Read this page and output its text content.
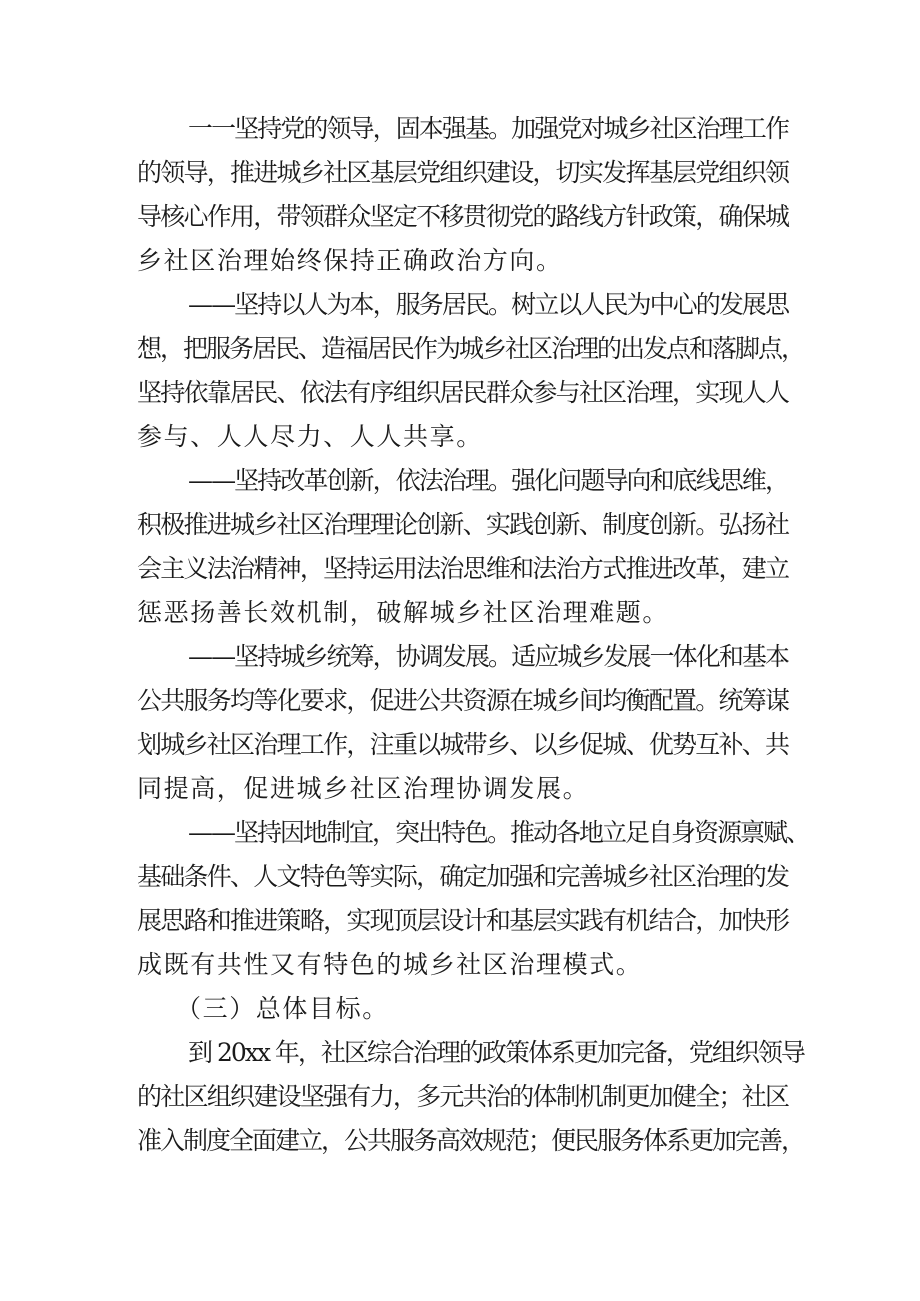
一一坚持党的领导，固本强基。加强党对城乡社区治理工作
的领导，推进城乡社区基层党组织建设，切实发挥基层党组织领
导核心作用，带领群众坚定不移贯彻党的路线方针政策，确保城
乡社区治理始终保持正确政治方向。
——坚持以人为本，服务居民。树立以人民为中心的发展思
想，把服务居民、造福居民作为城乡社区治理的出发点和落脚点，
坚持依靠居民、依法有序组织居民群众参与社区治理，实现人人
参与、人人尽力、人人共享。
——坚持改革创新，依法治理。强化问题导向和底线思维，
积极推进城乡社区治理理论创新、实践创新、制度创新。弘扬社
会主义法治精神，坚持运用法治思维和法治方式推进改革，建立
惩恶扬善长效机制，破解城乡社区治理难题。
——坚持城乡统筹，协调发展。适应城乡发展一体化和基本
公共服务均等化要求，促进公共资源在城乡间均衡配置。统筹谋
划城乡社区治理工作，注重以城带乡、以乡促城、优势互补、共
同提高，促进城乡社区治理协调发展。
——坚持因地制宜，突出特色。推动各地立足自身资源禀赋、
基础条件、人文特色等实际，确定加强和完善城乡社区治理的发
展思路和推进策略，实现顶层设计和基层实践有机结合，加快形
成既有共性又有特色的城乡社区治理模式。
（三）总体目标。
到 20xx 年，社区综合治理的政策体系更加完备，党组织领导
的社区组织建设坚强有力，多元共治的体制机制更加健全；社区
准入制度全面建立，公共服务高效规范；便民服务体系更加完善，
